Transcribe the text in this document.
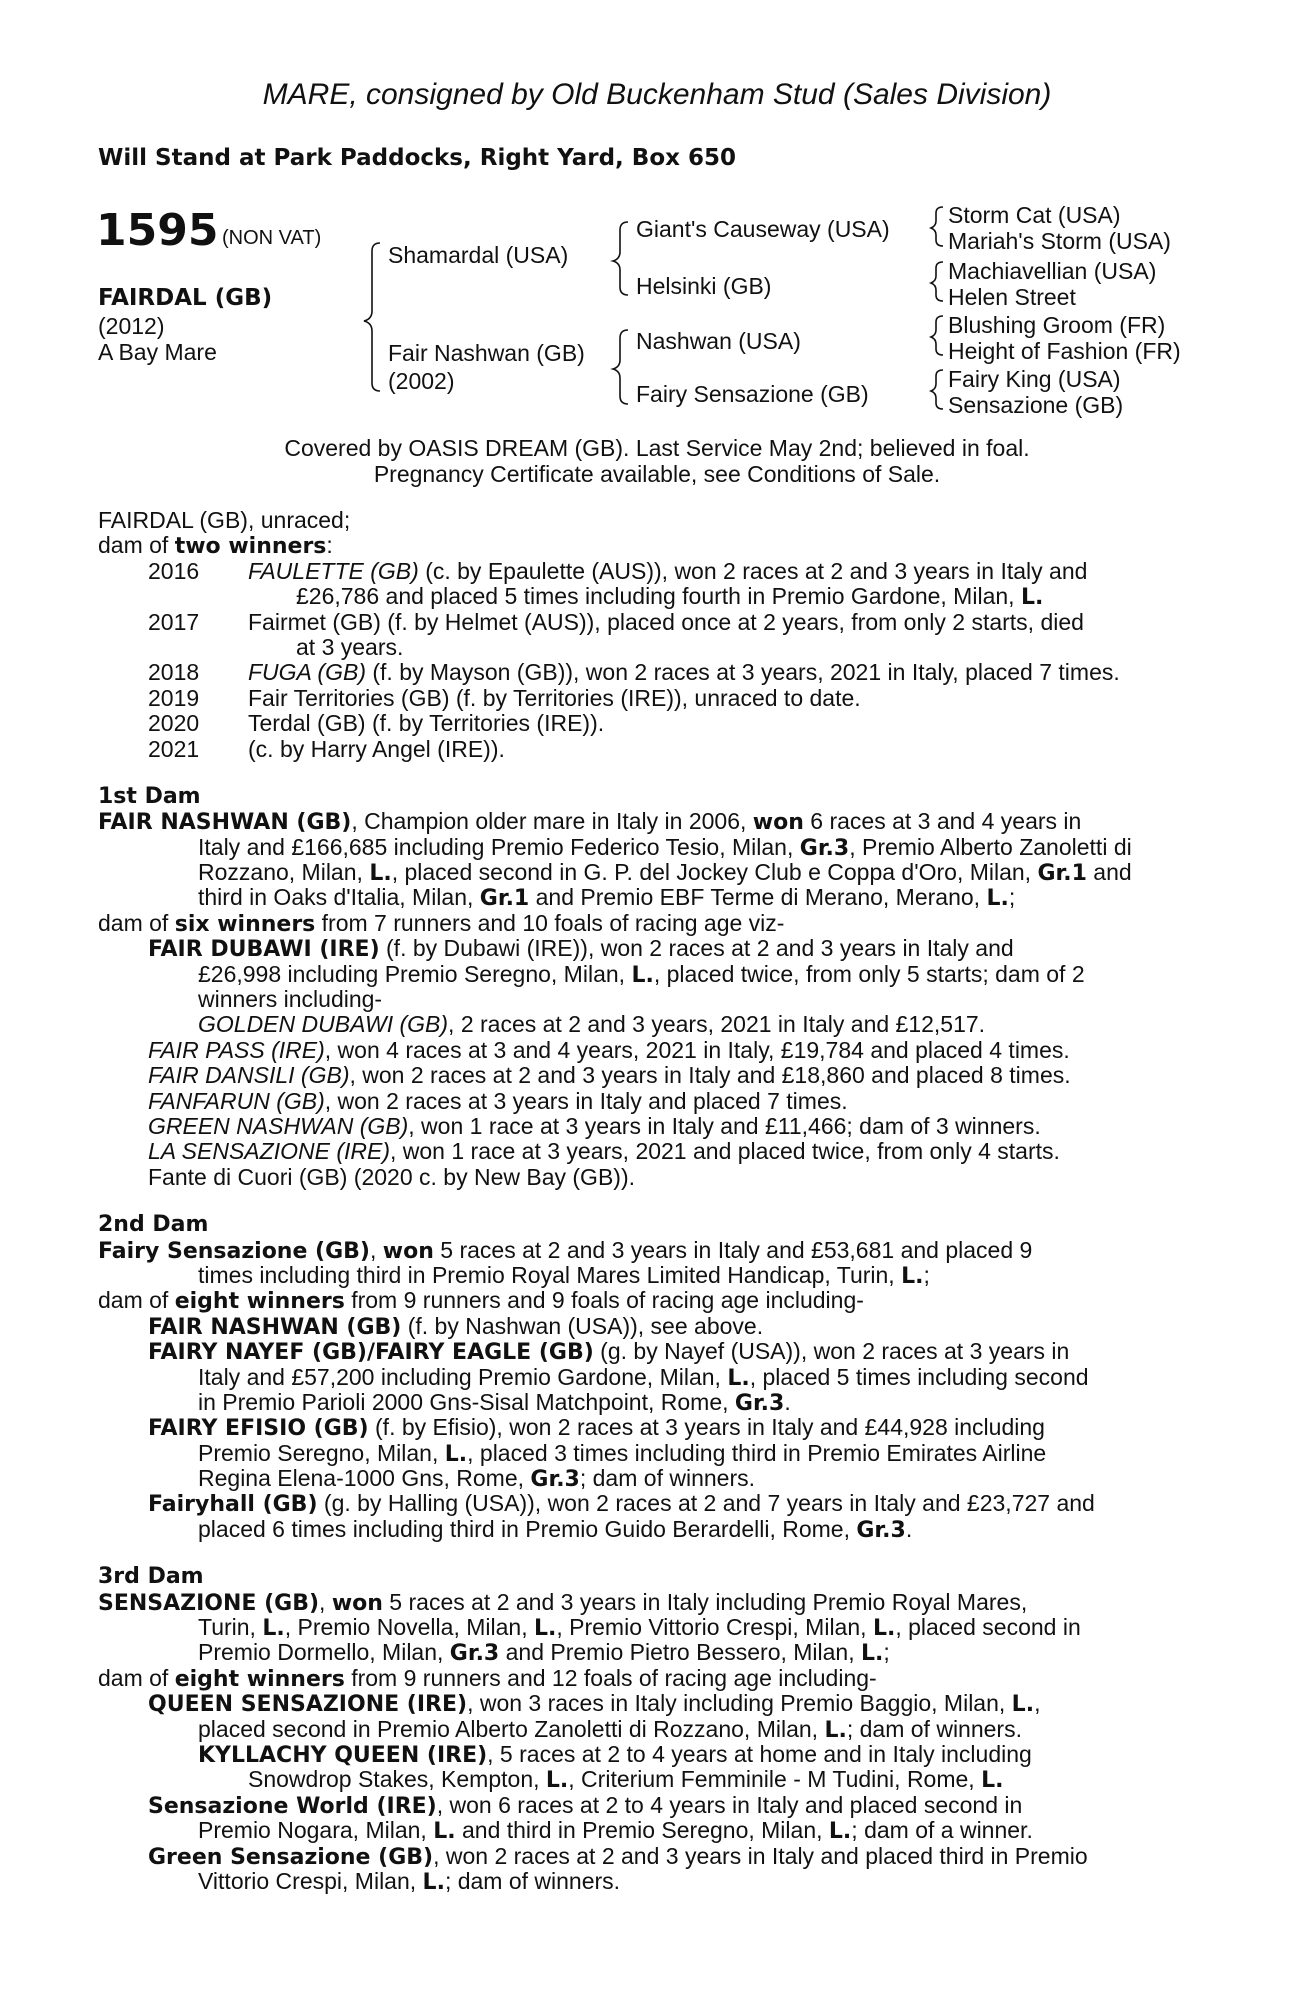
MARE, consigned by Old Buckenham Stud (Sales Division)
Will Stand at Park Paddocks, Right Yard, Box 650
1595 (NON VAT)
FAIRDAL (GB)
(2012)
A Bay Mare
Shamardal (USA)
Fair Nashwan (GB)
(2002)
Giant's Causeway (USA)
Helsinki (GB)
Nashwan (USA)
Fairy Sensazione (GB)
Storm Cat (USA)
Mariah's Storm (USA)
Machiavellian (USA)
Helen Street
Blushing Groom (FR)
Height of Fashion (FR)
Fairy King (USA)
Sensazione (GB)
Covered by OASIS DREAM (GB). Last Service May 2nd; believed in foal.
Pregnancy Certificate available, see Conditions of Sale.
FAIRDAL (GB), unraced;
dam of two winners:
2016	FAULETTE (GB) (c. by Epaulette (AUS)), won 2 races at 2 and 3 years in Italy and
£26,786 and placed 5 times including fourth in Premio Gardone, Milan, L.
2017	Fairmet (GB) (f. by Helmet (AUS)), placed once at 2 years, from only 2 starts, died
at 3 years.
2018	FUGA (GB) (f. by Mayson (GB)), won 2 races at 3 years, 2021 in Italy, placed 7 times.
2019	Fair Territories (GB) (f. by Territories (IRE)), unraced to date.
2020	Terdal (GB) (f. by Territories (IRE)).
2021	(c. by Harry Angel (IRE)).
1st Dam
FAIR NASHWAN (GB), Champion older mare in Italy in 2006, won 6 races at 3 and 4 years in
Italy and £166,685 including Premio Federico Tesio, Milan, Gr.3, Premio Alberto Zanoletti di
Rozzano, Milan, L., placed second in G. P. del Jockey Club e Coppa d'Oro, Milan, Gr.1 and
third in Oaks d'Italia, Milan, Gr.1 and Premio EBF Terme di Merano, Merano, L.;
dam of six winners from 7 runners and 10 foals of racing age viz-
FAIR DUBAWI (IRE) (f. by Dubawi (IRE)), won 2 races at 2 and 3 years in Italy and
£26,998 including Premio Seregno, Milan, L., placed twice, from only 5 starts; dam of 2
winners including-
GOLDEN DUBAWI (GB), 2 races at 2 and 3 years, 2021 in Italy and £12,517.
FAIR PASS (IRE), won 4 races at 3 and 4 years, 2021 in Italy, £19,784 and placed 4 times.
FAIR DANSILI (GB), won 2 races at 2 and 3 years in Italy and £18,860 and placed 8 times.
FANFARUN (GB), won 2 races at 3 years in Italy and placed 7 times.
GREEN NASHWAN (GB), won 1 race at 3 years in Italy and £11,466; dam of 3 winners.
LA SENSAZIONE (IRE), won 1 race at 3 years, 2021 and placed twice, from only 4 starts.
Fante di Cuori (GB) (2020 c. by New Bay (GB)).
2nd Dam
Fairy Sensazione (GB), won 5 races at 2 and 3 years in Italy and £53,681 and placed 9
times including third in Premio Royal Mares Limited Handicap, Turin, L.;
dam of eight winners from 9 runners and 9 foals of racing age including-
FAIR NASHWAN (GB) (f. by Nashwan (USA)), see above.
FAIRY NAYEF (GB)/FAIRY EAGLE (GB) (g. by Nayef (USA)), won 2 races at 3 years in
Italy and £57,200 including Premio Gardone, Milan, L., placed 5 times including second
in Premio Parioli 2000 Gns-Sisal Matchpoint, Rome, Gr.3.
FAIRY EFISIO (GB) (f. by Efisio), won 2 races at 3 years in Italy and £44,928 including
Premio Seregno, Milan, L., placed 3 times including third in Premio Emirates Airline
Regina Elena-1000 Gns, Rome, Gr.3; dam of winners.
Fairyhall (GB) (g. by Halling (USA)), won 2 races at 2 and 7 years in Italy and £23,727 and
placed 6 times including third in Premio Guido Berardelli, Rome, Gr.3.
3rd Dam
SENSAZIONE (GB), won 5 races at 2 and 3 years in Italy including Premio Royal Mares,
Turin, L., Premio Novella, Milan, L., Premio Vittorio Crespi, Milan, L., placed second in
Premio Dormello, Milan, Gr.3 and Premio Pietro Bessero, Milan, L.;
dam of eight winners from 9 runners and 12 foals of racing age including-
QUEEN SENSAZIONE (IRE), won 3 races in Italy including Premio Baggio, Milan, L.,
placed second in Premio Alberto Zanoletti di Rozzano, Milan, L.; dam of winners.
KYLLACHY QUEEN (IRE), 5 races at 2 to 4 years at home and in Italy including
Snowdrop Stakes, Kempton, L., Criterium Femminile - M Tudini, Rome, L.
Sensazione World (IRE), won 6 races at 2 to 4 years in Italy and placed second in
Premio Nogara, Milan, L. and third in Premio Seregno, Milan, L.; dam of a winner.
Green Sensazione (GB), won 2 races at 2 and 3 years in Italy and placed third in Premio
Vittorio Crespi, Milan, L.; dam of winners.
